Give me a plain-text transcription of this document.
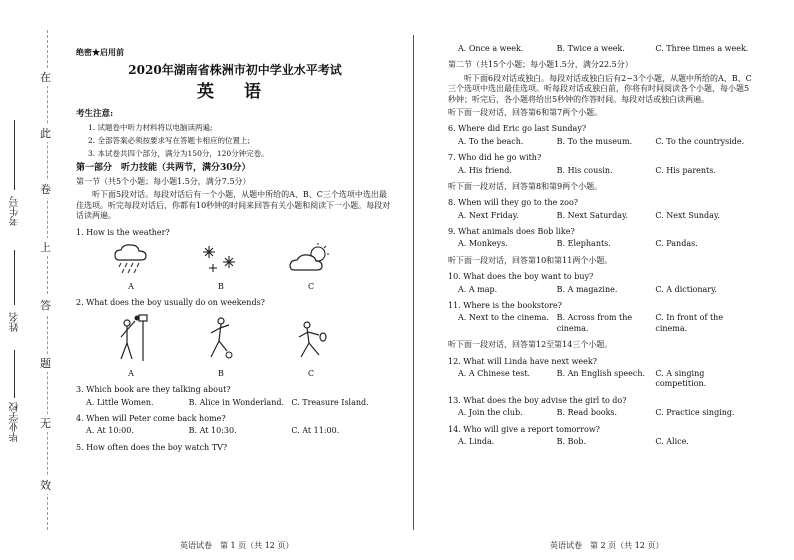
在
此
卷
上
答
题
无
效
考生号
姓名
毕业学校
绝密★启用前
2020年湖南省株洲市初中学业水平考试
英 语
考生注意:
1. 试题卷中听力材料将以电脑读两遍;
2. 全部答案必须按要求写在答题卡相应的位置上;
3. 本试卷共四个部分，满分为150分，120分钟完卷。
第一部分　听力技能（共两节，满分30分）
第一节（共5个小题；每小题1.5分，满分7.5分）
听下面5段对话。每段对话后有一个小题，从题中所给的A、B、C三个选项中选出最佳选项。听完每段对话后，你都有10秒钟的时间来回答有关小题和阅读下一小题。每段对话读两遍。
1. How is the weather?
A	B	C
2. What does the boy usually do on weekends?
A	B	C
3. Which book are they talking about?
A. Little Women.	B. Alice in Wonderland. C. Treasure Island.
4. When will Peter come back home?
A. At 10:00.	B. At 10:30.	C. At 11:00.
5. How often does the boy watch TV?
A. Once a week.	B. Twice a week.	C. Three times a week.
第二节（共15个小题；每小题1.5分，满分22.5分）
听下面6段对话或独白。每段对话或独白后有2~3个小题，从题中所给的A、B、C三个选项中选出最佳选项。听每段对话或独白前，你将有时间阅读各个小题，每小题5秒钟；听完后，各小题将给出5秒钟的作答时间。每段对话或独白读两遍。
听下面一段对话，回答第6和第7两个小题。
6. Where did Eric go last Sunday?
A. To the beach.	B. To the museum.	C. To the countryside.
7. Who did he go with?
A. His friend.	B. His cousin.	C. His parents.
听下面一段对话，回答第8和第9两个小题。
8. When will they go to the zoo?
A. Next Friday.	B. Next Saturday.	C. Next Sunday.
9. What animals does Bob like?
A. Monkeys.	B. Elephants.	C. Pandas.
听下面一段对话，回答第10和第11两个小题。
10. What does the boy want to buy?
A. A map.	B. A magazine.	C. A dictionary.
11. Where is the bookstore?
A. Next to the cinema. B. Across from the cinema.
C. In front of the cinema.
听下面一段对话，回答第12至第14三个小题。
12. What will Linda have next week?
A. A Chinese test.	B. An English speech.	C. A singing competition.
13. What does the boy advise the girl to do?
A. Join the club.	B. Read books.	C. Practice singing.
14. Who will give a report tomorrow?
A. Linda.	B. Bob.	C. Alice.
英语试卷　第 1 页（共 12 页）	英语试卷　第 2 页（共 12 页）
